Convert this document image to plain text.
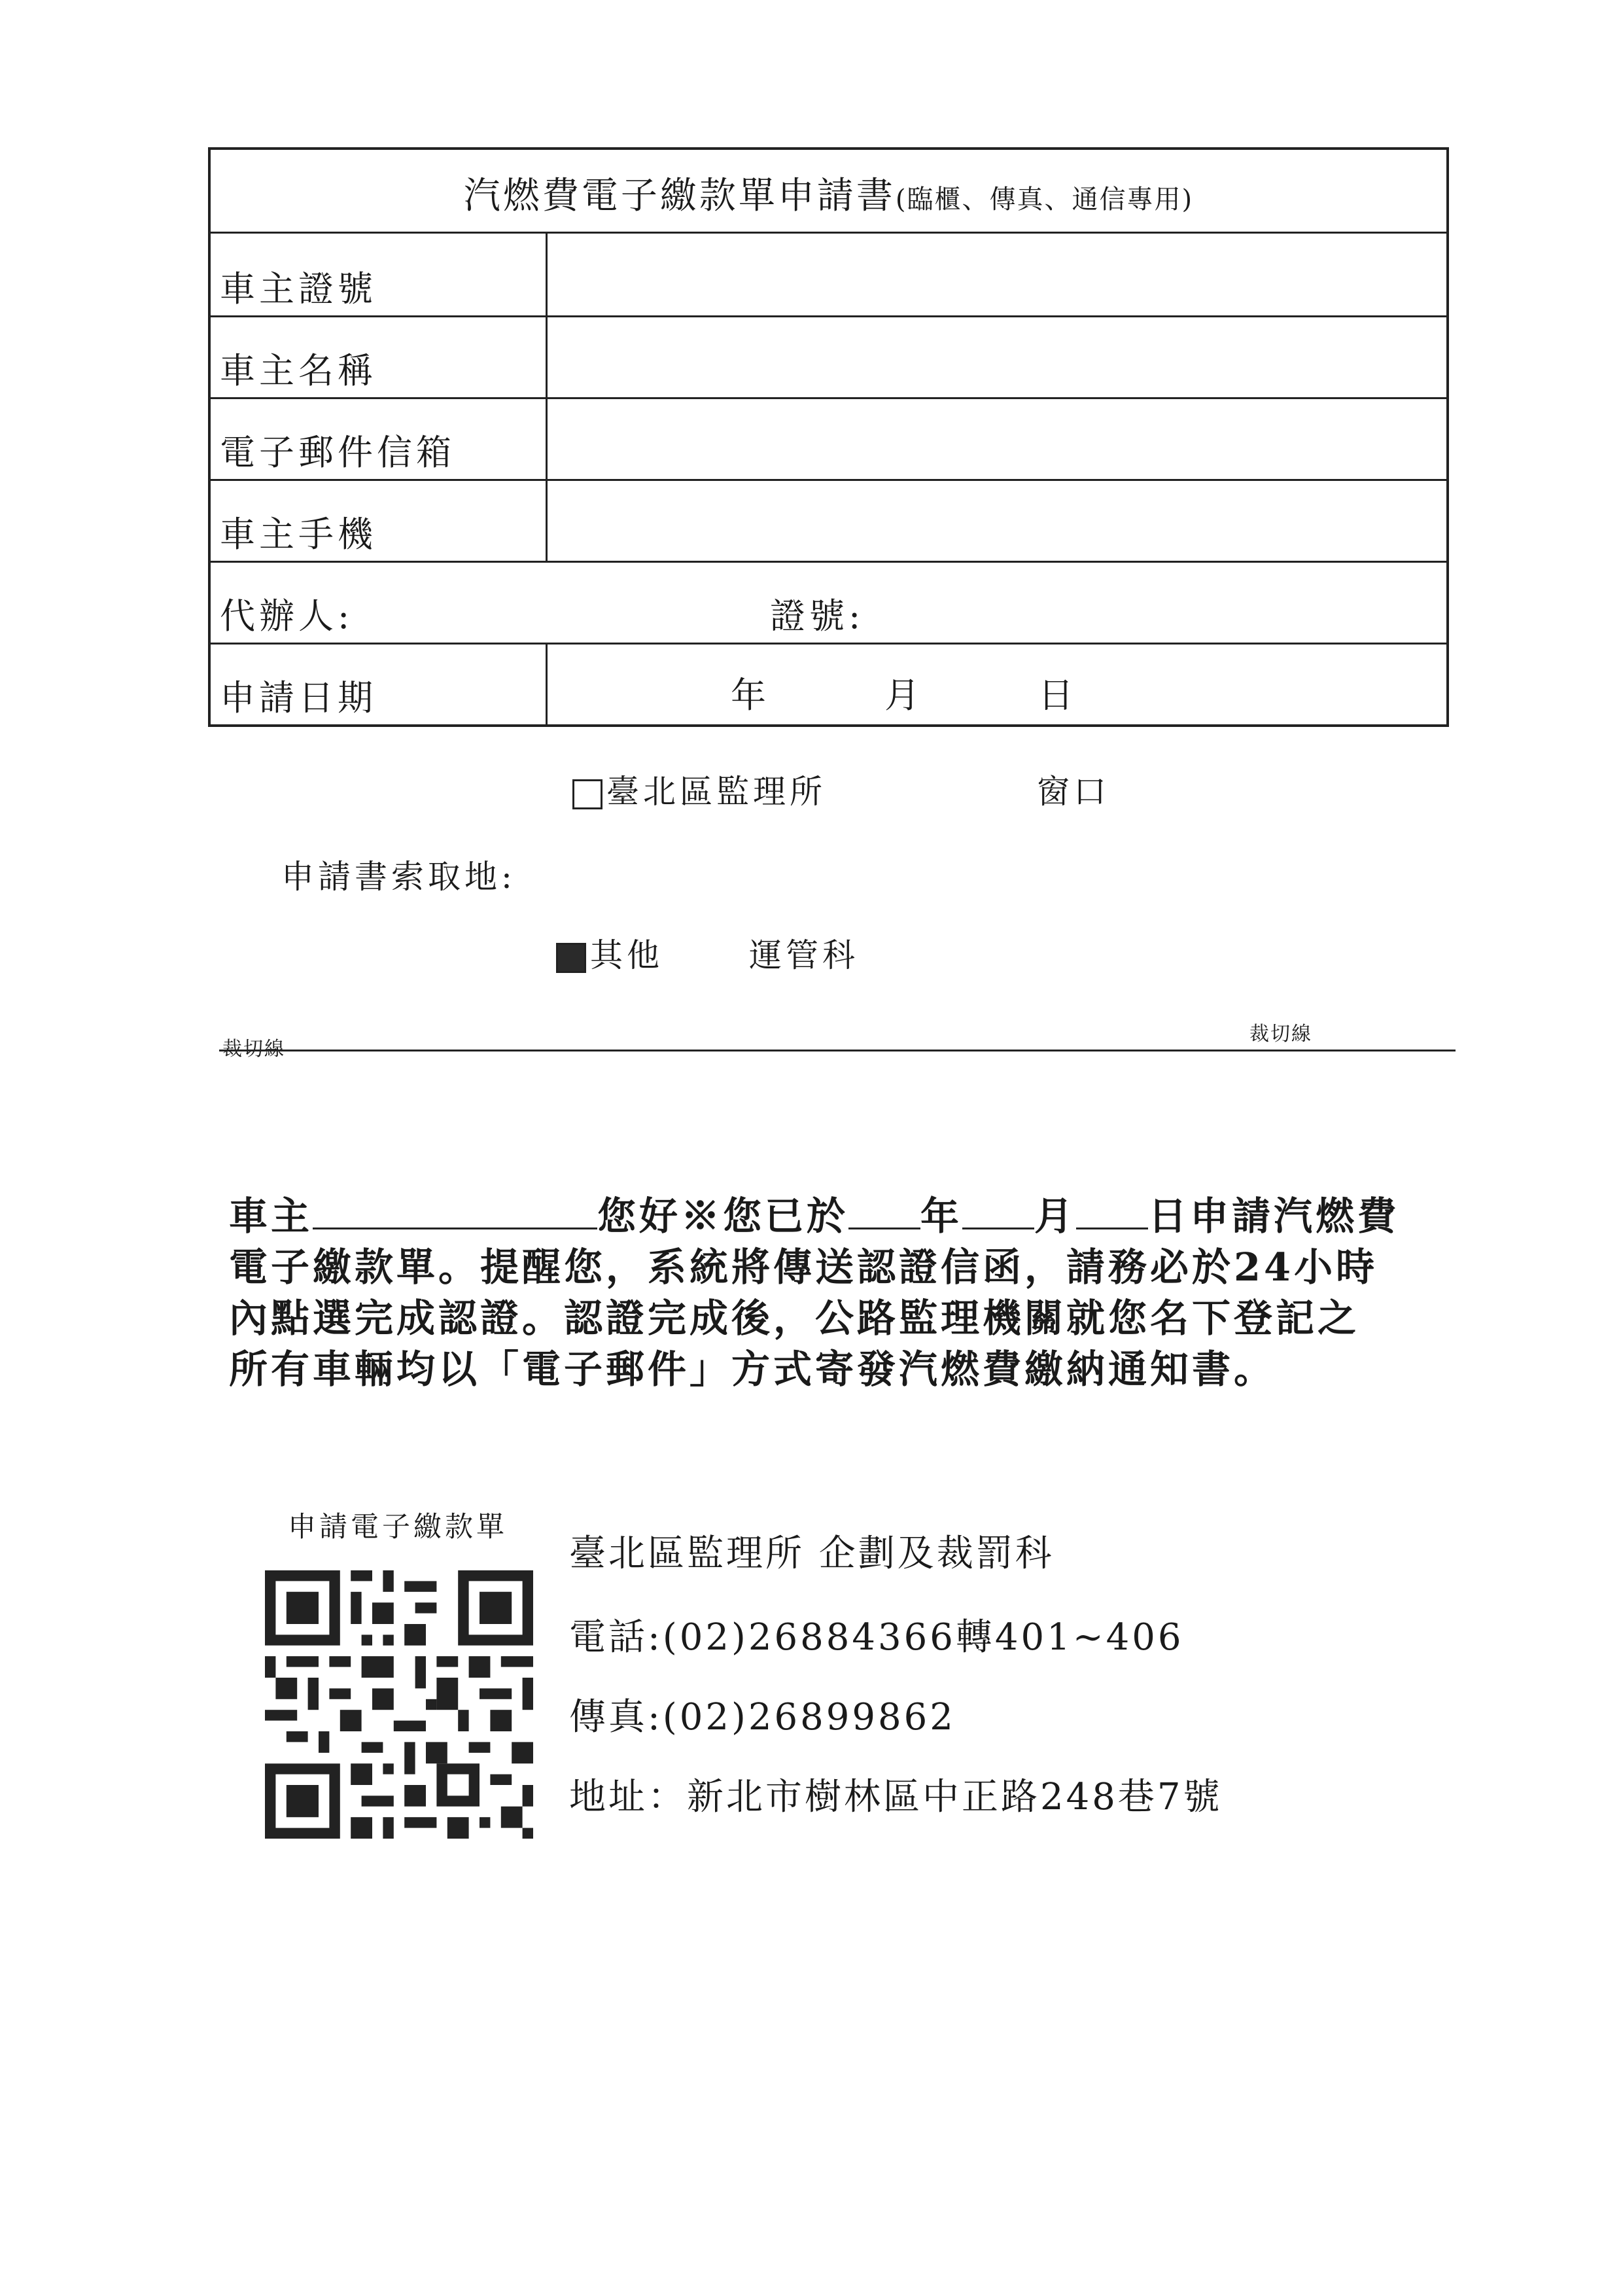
汽燃費電子繳款單申請書(臨櫃、傳真、通信專用)
車主證號
車主名稱
電子郵件信箱
車主手機
代辦人:	證號:
申請日期	年	月	日
臺北區監理所	窗口
申請書索取地:
其他	運管科
裁切線
裁切線
車主	您好※您已於 年 月 日申請汽燃費
電子繳款單。提醒您，系統將傳送認證信函，請務必於24小時
內點選完成認證。認證完成後，公路監理機關就您名下登記之
所有車輛均以「電子郵件」方式寄發汽燃費繳納通知書。
申請電子繳款單
臺北區監理所 企劃及裁罰科
電話:(02)26884366轉401~406
傳真:(02)26899862
地址：新北市樹林區中正路248巷7號
